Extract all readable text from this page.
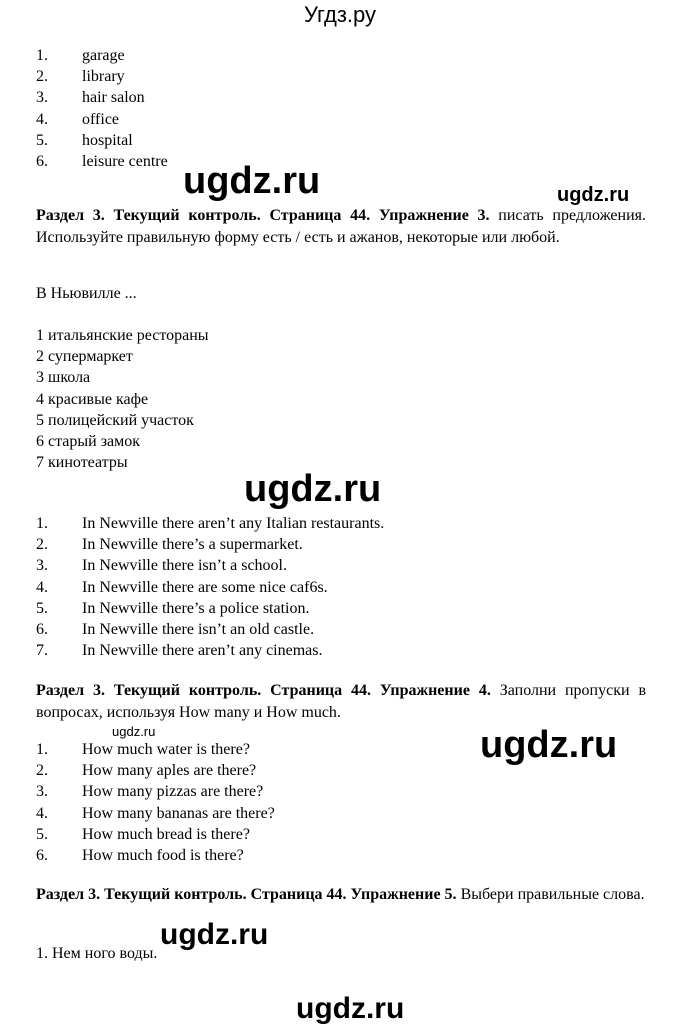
Угдз.ру
1. garage
2. library
3. hair salon
4. office
5. hospital
6. leisure centre ugdz.ru	ugdz.ru
Раздел 3. Текущий контроль. Страница 44. Упражнение 3. писать предложения. Используйте правильную форму есть / есть и ажанов, некоторые или любой.
В Ньювилле ...
1 итальянские рестораны
2 супермаркет
3 школа
4 красивые кафе
5 полицейский участок
6 старый замок
7 кинотеатры
ugdz.ru
1. In Newville there aren’t any Italian restaurants.
2. In Newville there’s a supermarket.
3. In Newville there isn’t a school.
4. In Newville there are some nice caf6s.
5. In Newville there’s a police station.
6. In Newville there isn’t an old castle.
7. In Newville there aren’t any cinemas.
Раздел 3. Текущий контроль. Страница 44. Упражнение 4. Заполни пропуски в вопросах, используя How many и How much.
ugdz.ru	ugdz.ru
1. How much water is there?
2. How many aples are there?
3. How many pizzas are there?
4. How many bananas are there?
5. How much bread is there?
6. How much food is there?
Раздел 3. Текущий контроль. Страница 44. Упражнение 5. Выбери правильные слова.
ugdz.ru
1. Нем ного воды.
ugdz.ru
